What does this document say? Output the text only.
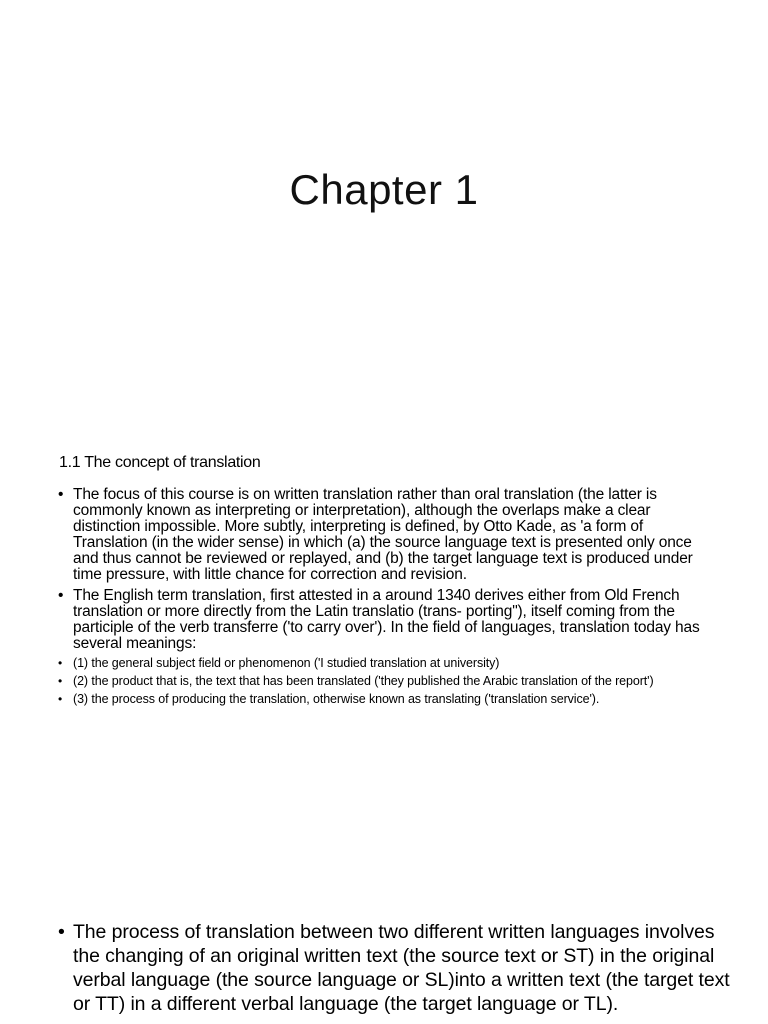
Chapter 1
1.1 The concept of translation
• The focus of this course is on written translation rather than oral translation (the latter is commonly known as interpreting or interpretation), although the overlaps make a clear distinction impossible. More subtly, interpreting is defined, by Otto Kade, as 'a form of Translation (in the wider sense) in which (a) the source language text is presented only once and thus cannot be reviewed or replayed, and (b) the target language text is produced under time pressure, with little chance for correction and revision.
• The English term translation, first attested in a around 1340 derives either from Old French translation or more directly from the Latin translatio (trans- porting"), itself coming from the participle of the verb transferre ('to carry over'). In the field of languages, translation today has several meanings:
• (1) the general subject field or phenomenon ('I studied translation at university)
• (2) the product that is, the text that has been translated ('they published the Arabic translation of the report')
• (3) the process of producing the translation, otherwise known as translating ('translation service').
• The process of translation between two different written languages involves the changing of an original written text (the source text or ST) in the original verbal language (the source language or SL)into a written text (the target text or TT) in a different verbal language (the target language or TL).
